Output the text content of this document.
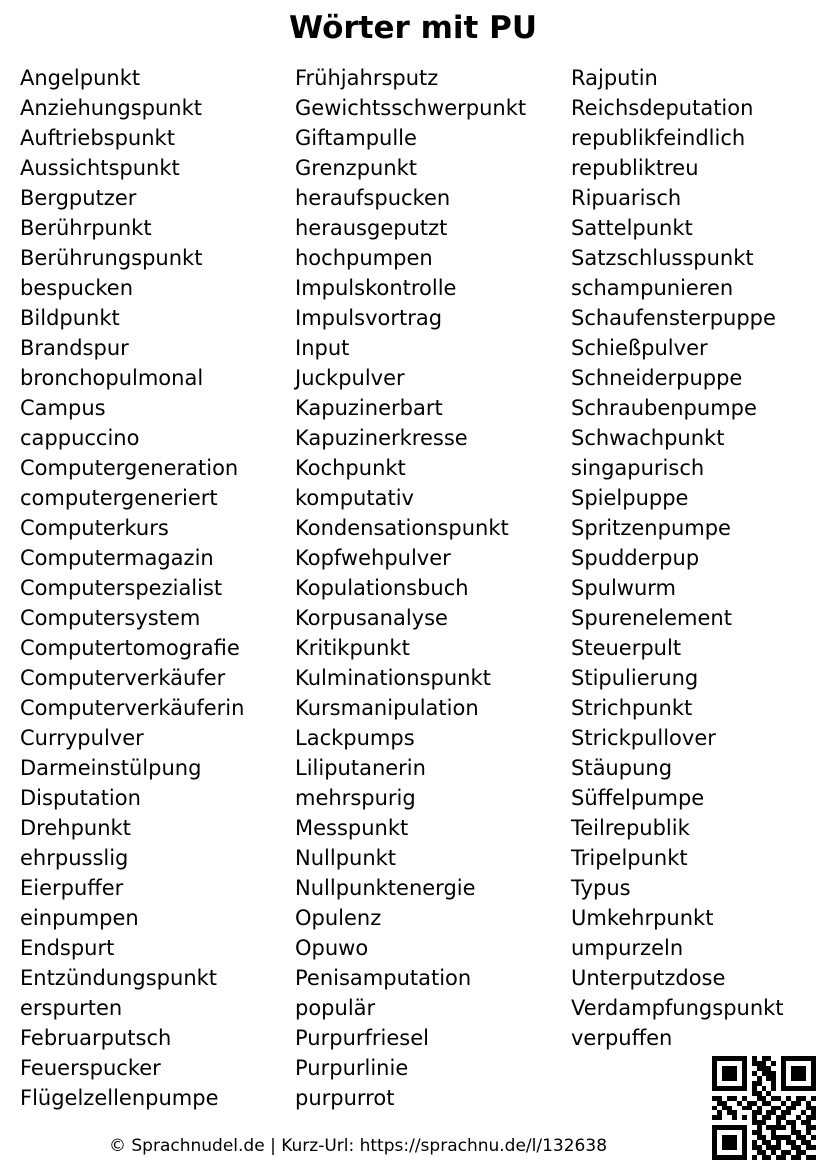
Wörter mit PU
Angelpunkt
Anziehungspunkt
Auftriebspunkt
Aussichtspunkt
Bergputzer
Berührpunkt
Berührungspunkt
bespucken
Bildpunkt
Brandspur
bronchopulmonal
Campus
cappuccino
Computergeneration
computergeneriert
Computerkurs
Computermagazin
Computerspezialist
Computersystem
Computertomografie
Computerverkäufer
Computerverkäuferin
Currypulver
Darmeinstülpung
Disputation
Drehpunkt
ehrpusslig
Eierpuffer
einpumpen
Endspurt
Entzündungspunkt
erspurten
Februarputsch
Feuerspucker
Flügelzellenpumpe
Frühjahrsputz
Gewichtsschwerpunkt
Giftampulle
Grenzpunkt
heraufspucken
herausgeputzt
hochpumpen
Impulskontrolle
Impulsvortrag
Input
Juckpulver
Kapuzinerbart
Kapuzinerkresse
Kochpunkt
komputativ
Kondensationspunkt
Kopfwehpulver
Kopulationsbuch
Korpusanalyse
Kritikpunkt
Kulminationspunkt
Kursmanipulation
Lackpumps
Liliputanerin
mehrspurig
Messpunkt
Nullpunkt
Nullpunktenergie
Opulenz
Opuwo
Penisamputation
populär
Purpurfriesel
Purpurlinie
purpurrot
Rajputin
Reichsdeputation
republikfeindlich
republiktreu
Ripuarisch
Sattelpunkt
Satzschlusspunkt
schampunieren
Schaufensterpuppe
Schießpulver
Schneiderpuppe
Schraubenpumpe
Schwachpunkt
singapurisch
Spielpuppe
Spritzenpumpe
Spudderpup
Spulwurm
Spurenelement
Steuerpult
Stipulierung
Strichpunkt
Strickpullover
Stäupung
Süffelpumpe
Teilrepublik
Tripelpunkt
Typus
Umkehrpunkt
umpurzeln
Unterputzdose
Verdampfungspunkt
verpuffen
© Sprachnudel.de | Kurz-Url: https://sprachnu.de/l/132638
